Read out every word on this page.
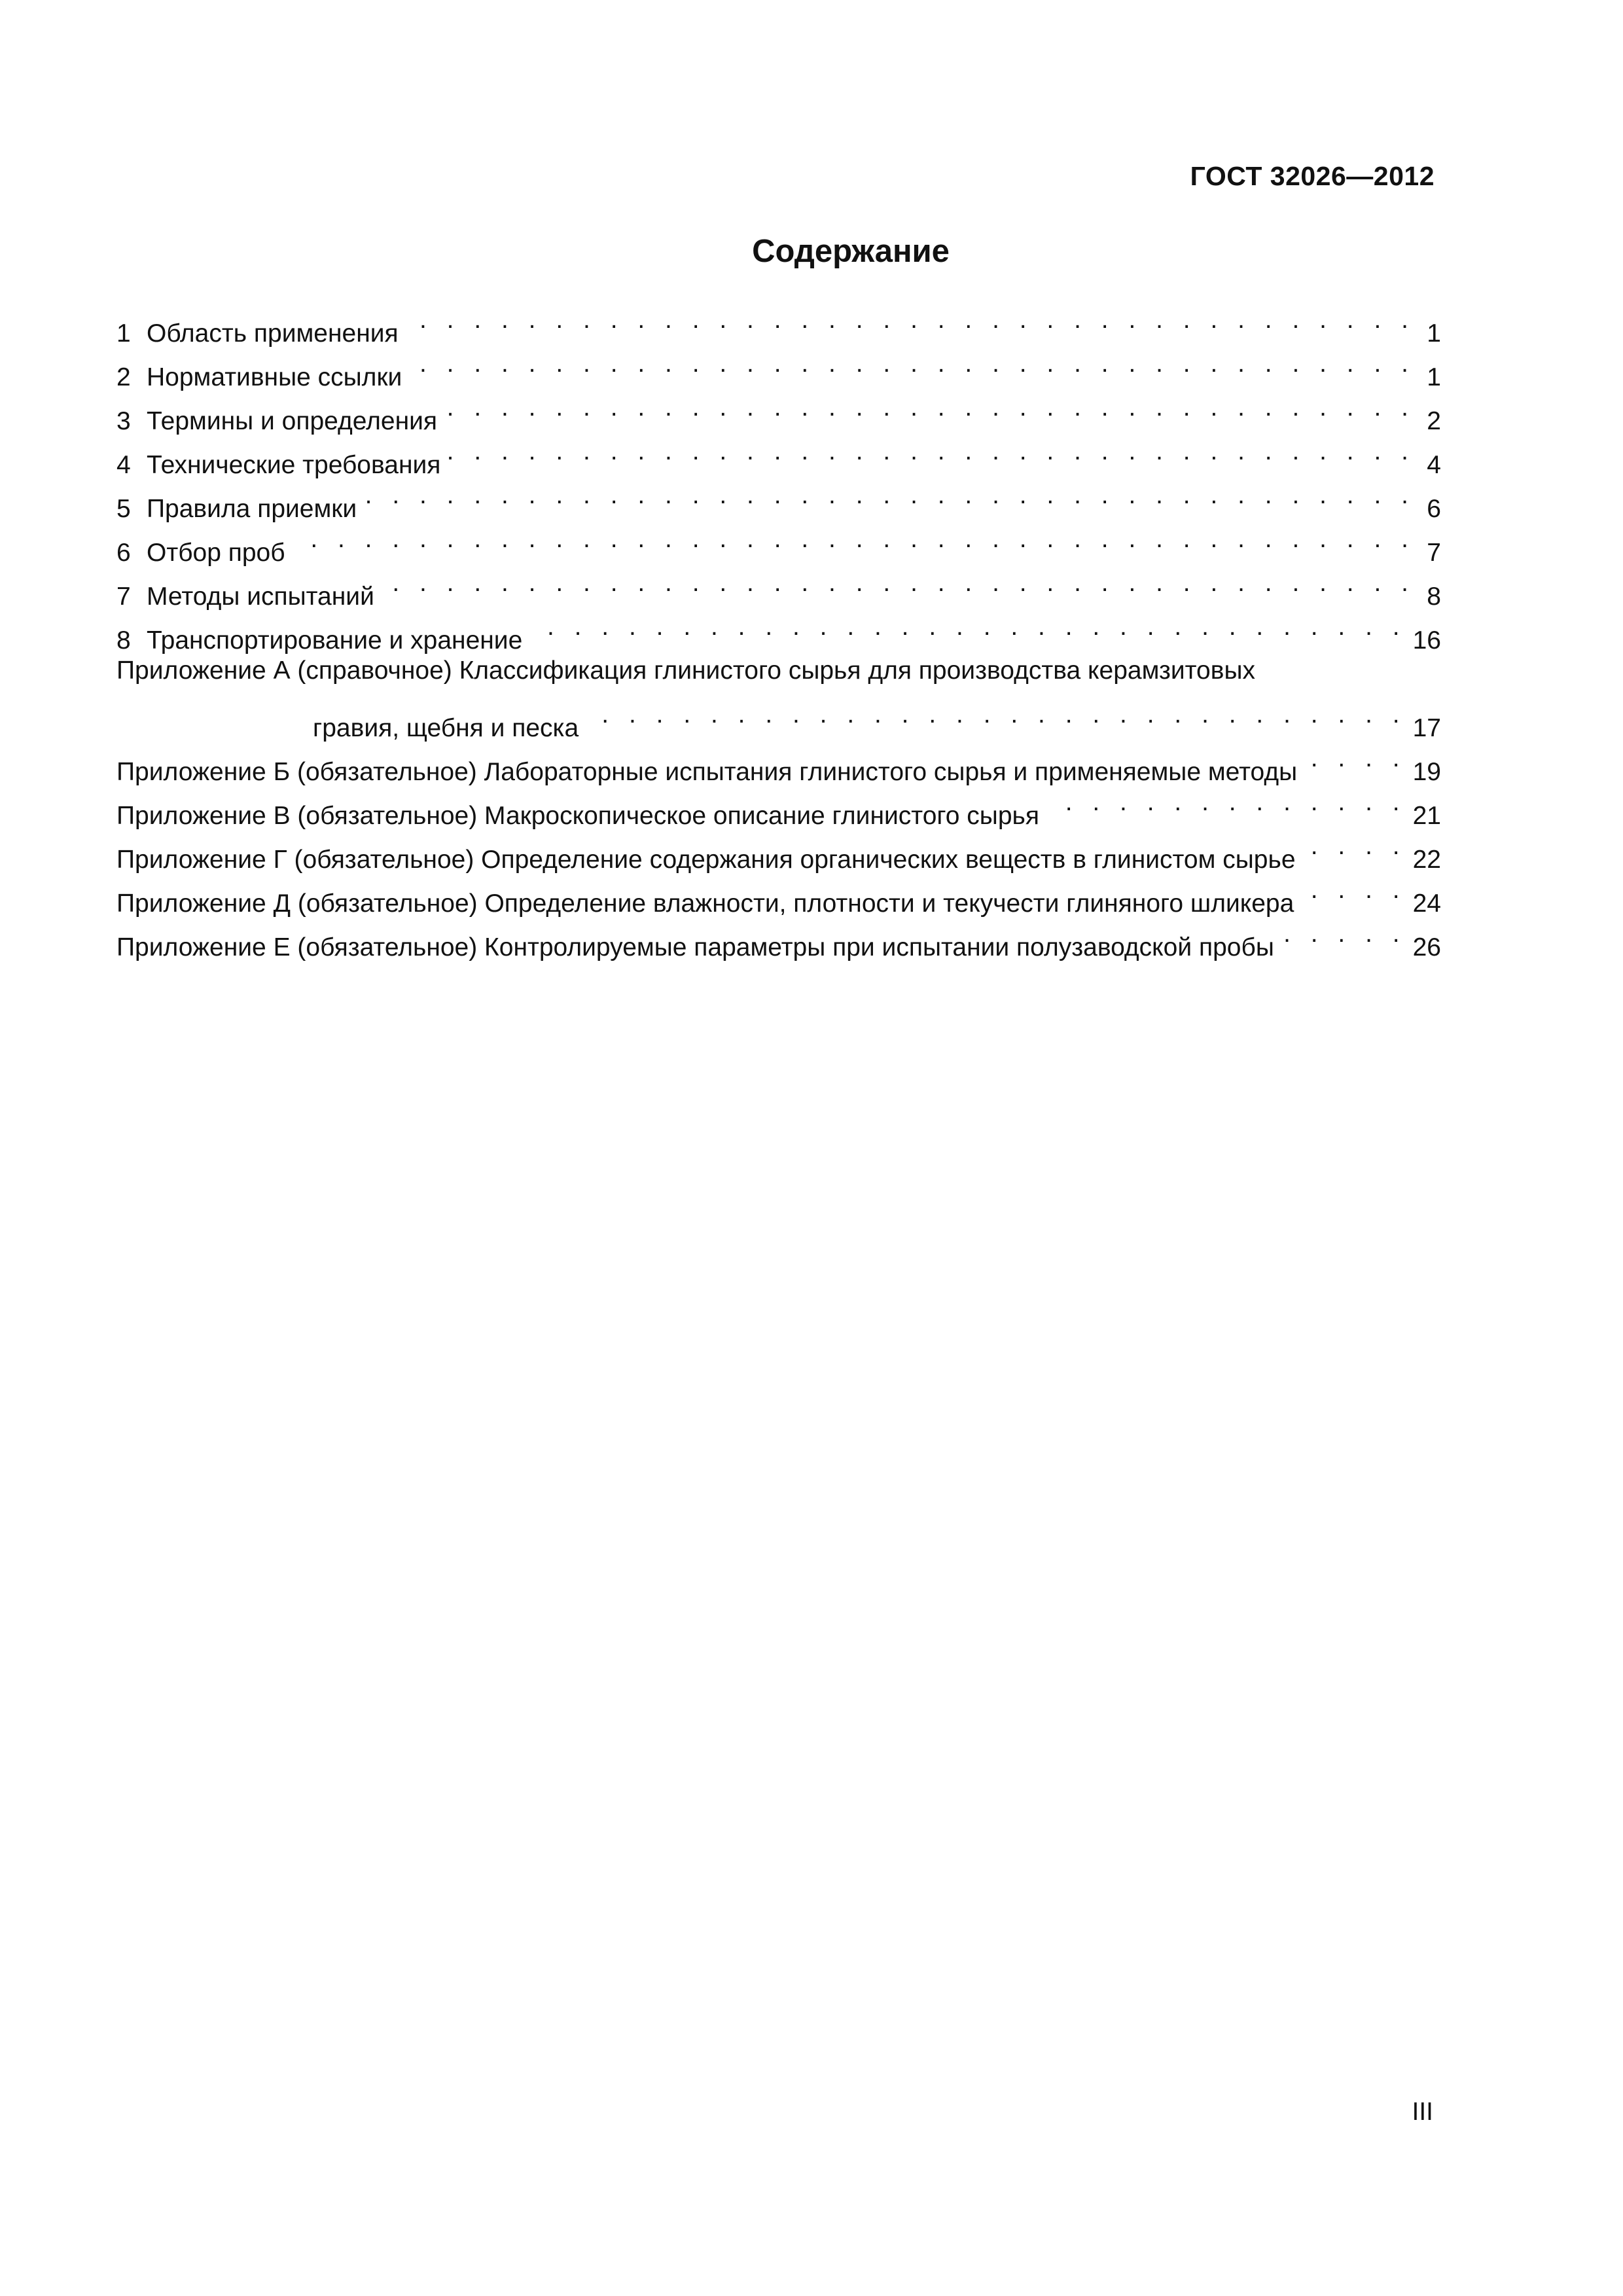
ГОСТ 32026—2012
Содержание
1 Область применения . . .	1
2 Нормативные ссылки . . .	1
3 Термины и определения . . .	2
4 Технические требования . . .	4
5 Правила приемки . . .	6
6 Отбор проб . . .	7
7 Методы испытаний . . .	8
8 Транспортирование и хранение . . .	16
Приложение А (справочное) Классификация глинистого сырья для производства керамзитовых
гравия, щебня и песка . . .	17
Приложение Б (обязательное) Лабораторные испытания глинистого сырья и применяемые методы . . .	19
Приложение В (обязательное) Макроскопическое описание глинистого сырья . . .	21
Приложение Г (обязательное) Определение содержания органических веществ в глинистом сырье . . .	22
Приложение Д (обязательное) Определение влажности, плотности и текучести глиняного шликера . . .	24
Приложение Е (обязательное) Контролируемые параметры при испытании полузаводской пробы . . .	26
III
